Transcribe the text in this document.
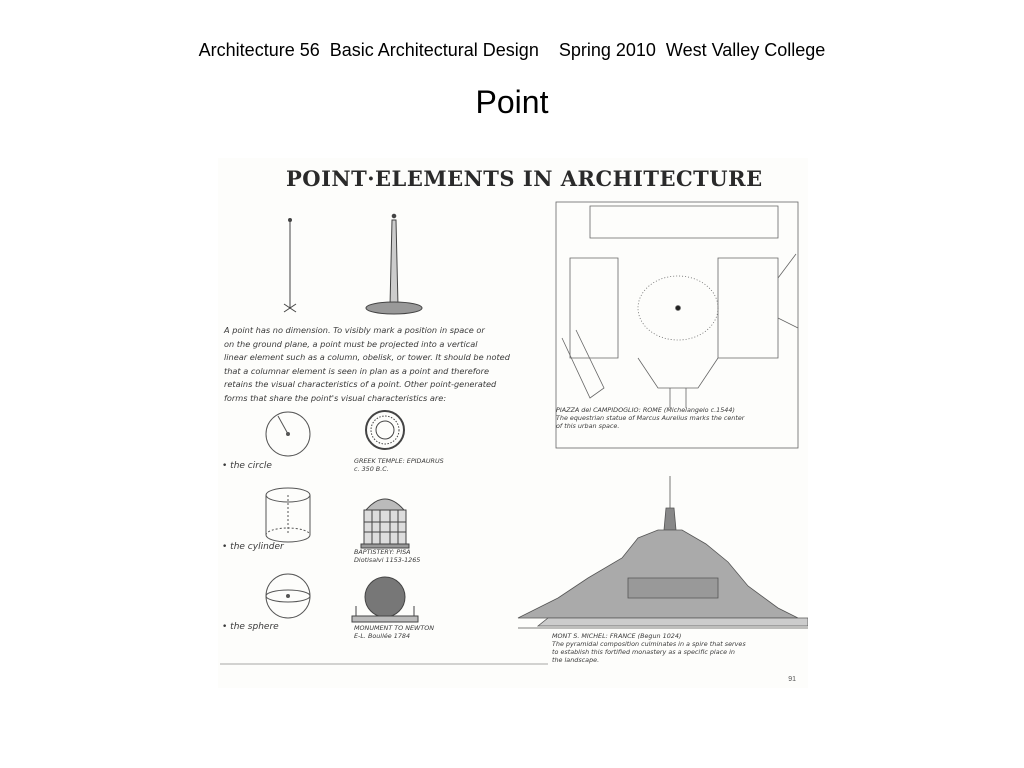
Architecture 56  Basic Architectural Design    Spring 2010  West Valley College
Point
POINT·ELEMENTS IN ARCHITECTURE
A point has no dimension. To visibly mark a position in space or
on the ground plane, a point must be projected into a vertical
linear element such as a column, obelisk, or tower. It should be noted
that a columnar element is seen in plan as a point and therefore
retains the visual characteristics of a point. Other point-generated
forms that share the point's visual characteristics are:
• the circle
• the cylinder
• the sphere
GREEK TEMPLE: EPIDAURUS
c. 350 B.C.
BAPTISTERY: PISA
Diotisalvi 1153-1265
MONUMENT TO NEWTON
E-L. Boullée 1784
PIAZZA del CAMPIDOGLIO: ROME (Michelangelo c.1544)
The equestrian statue of Marcus Aurelius marks the center
of this urban space.
MONT S. MICHEL: FRANCE (Begun 1024)
The pyramidal composition culminates in a spire that serves
to establish this fortified monastery as a specific place in
the landscape.
91
